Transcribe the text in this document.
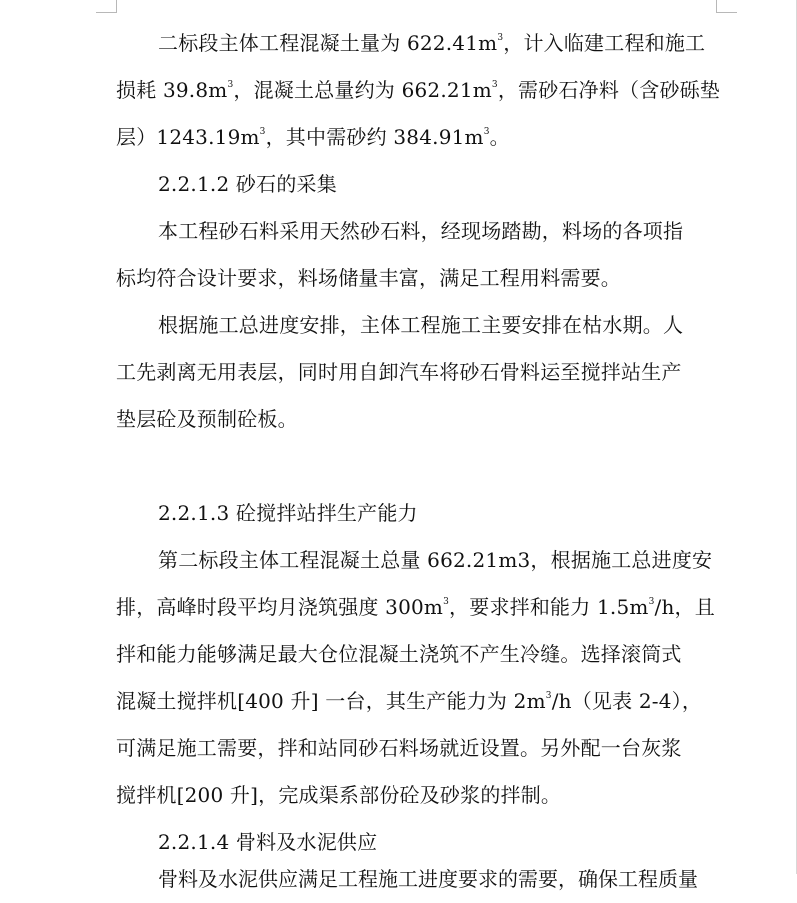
二标段主体工程混凝土量为 $622.41m^3$，计入临建工程和施工
损耗 $39.8m^3$，混凝土总量约为 $662.21m^3$，需砂石净料（含砂砾垫
层）$1243.19m^3$，其中需砂约 $384.91m^3$。
2.2.1.2 砂石的采集
本工程砂石料采用天然砂石料，经现场踏勘，料场的各项指
标均符合设计要求，料场储量丰富，满足工程用料需要。
根据施工总进度安排，主体工程施工主要安排在枯水期。人
工先剥离无用表层，同时用自卸汽车将砂石骨料运至搅拌站生产
垫层砼及预制砼板。
2.2.1.3 砼搅拌站拌生产能力
第二标段主体工程混凝土总量 662.21m3，根据施工总进度安
排，高峰时段平均月浇筑强度 $300m^3$，要求拌和能力 $1.5m^3/h$，且
拌和能力能够满足最大仓位混凝土浇筑不产生冷缝。选择滚筒式
混凝土搅拌机[400 升] 一台，其生产能力为 $2m^3/h$（见表 2-4），
可满足施工需要，拌和站同砂石料场就近设置。另外配一台灰浆
搅拌机[200 升]，完成渠系部份砼及砂浆的拌制。
2.2.1.4 骨料及水泥供应
骨料及水泥供应满足工程施工进度要求的需要，确保工程质量
